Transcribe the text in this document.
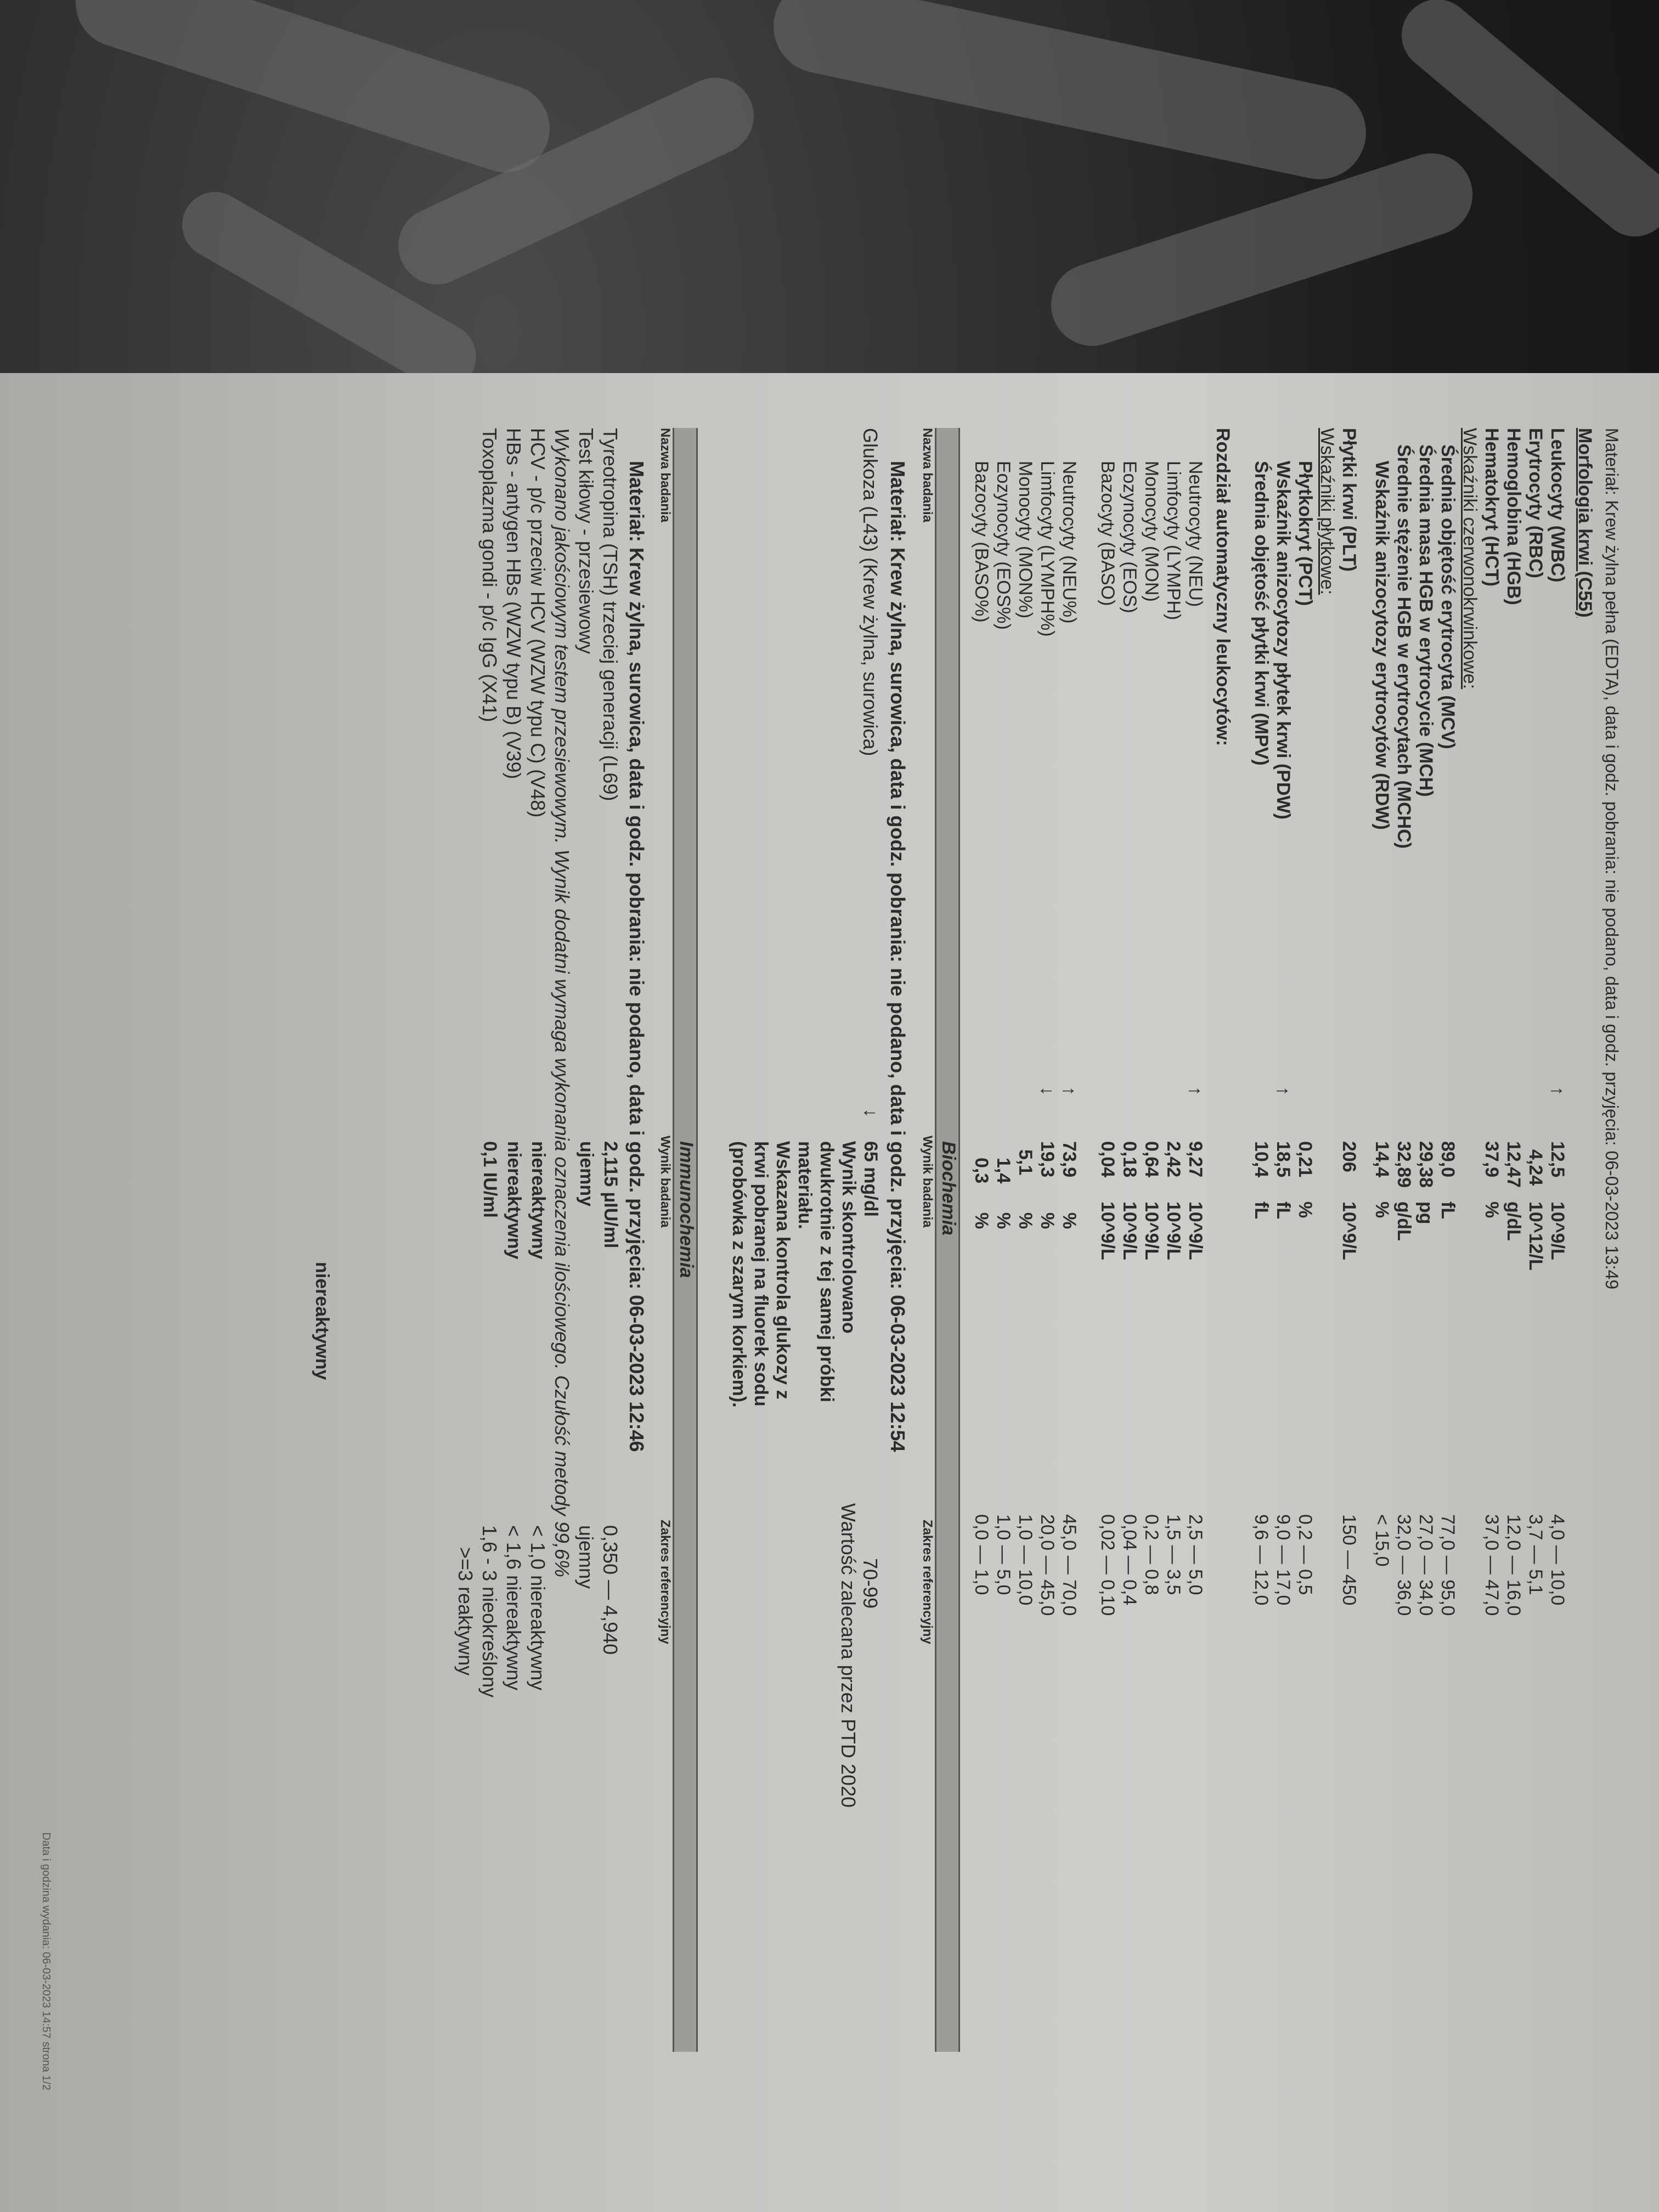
Materiał: Krew żylna pełna (EDTA), data i godz. pobrania: nie podano, data i godz. przyjęcia: 06-03-2023 13:49
Morfologia krwi (C55)
Leukocyty (WBC)
↑
12,5
10^9/L
4,0 — 10,0
Erytrocyty (RBC)
4,24
10^12/L
3,7 — 5,1
Hemoglobina (HGB)
12,47
g/dL
12,0 — 16,0
Hematokryt (HCT)
37,9
%
37,0 — 47,0
Wskaźniki czerwonokrwinkowe:
Średnia objętość erytrocyta (MCV)
89,0
fL
77,0 — 95,0
Średnia masa HGB w erytrocycie (MCH)
29,38
pg
27,0 — 34,0
Średnie stężenie HGB w erytrocytach (MCHC)
32,89
g/dL
32,0 — 36,0
Wskaźnik anizocytozy erytrocytów (RDW)
14,4
%
< 15,0
Płytki krwi (PLT)
206
10^9/L
150 — 450
Wskaźniki płytkowe:
Płytkokryt (PCT)
0,21
%
0,2 — 0,5
Wskaźnik anizocytozy płytek krwi (PDW)
↑
18,5
fL
9,0 — 17,0
Średnia objętość płytki krwi (MPV)
10,4
fL
9,6 — 12,0
Rozdział automatyczny leukocytów:
Neutrocyty (NEU)
↑
9,27
10^9/L
2,5 — 5,0
Limfocyty (LYMPH)
2,42
10^9/L
1,5 — 3,5
Monocyty (MON)
0,64
10^9/L
0,2 — 0,8
Eozynocyty (EOS)
0,18
10^9/L
0,04 — 0,4
Bazocyty (BASO)
0,04
10^9/L
0,02 — 0,10
Neutrocyty (NEU%)
↑
73,9
%
45,0 — 70,0
Limfocyty (LYMPH%)
↓
19,3
%
20,0 — 45,0
Monocyty (MON%)
5,1
%
1,0 — 10,0
Eozynocyty (EOS%)
1,4
%
1,0 — 5,0
Bazocyty (BASO%)
0,3
%
0,0 — 1,0
Biochemia
Nazwa badania
Wynik badania
Zakres referencyjny
Materiał: Krew żylna, surowica, data i godz. pobrania: nie podano, data i godz. przyjęcia: 06-03-2023 12:54
Glukoza (L43) (Krew żylna, surowica)
↓
65 mg/dl
70-99
Wartość zalecana przez PTD 2020
Wynik skontrolowano
dwukrotnie z tej samej próbki
materiału.
Wskazana kontrola glukozy z
krwi pobranej na fluorek sodu
(probówka z szarym korkiem).
Immunochemia
Nazwa badania
Wynik badania
Zakres referencyjny
Materiał: Krew żylna, surowica, data i godz. pobrania: nie podano, data i godz. przyjęcia: 06-03-2023 12:46
Tyreotropina (TSH) trzeciej generacji (L69)
2,115 µIU/ml
0,350 — 4,940
Test kiłowy - przesiewowy
ujemny
ujemny
Wykonano jakościowym testem przesiewowym. Wynik dodatni wymaga wykonania oznaczenia ilościowego. Czułość metody 99,6%
HCV - p/c przeciw HCV (WZW typu C) (V48)
niereaktywny
< 1,0 niereaktywny
HBs - antygen HBs (WZW typu B) (V39)
niereaktywny
< 1,6 niereaktywny
Toxoplazma gondi - p/c IgG (X41)
0,1 IU/ml
1,6 - 3 nieokreślony
>=3 reaktywny
niereaktywny
Data i godzina wydania: 06-03-2023 14:57 strona 1/2
